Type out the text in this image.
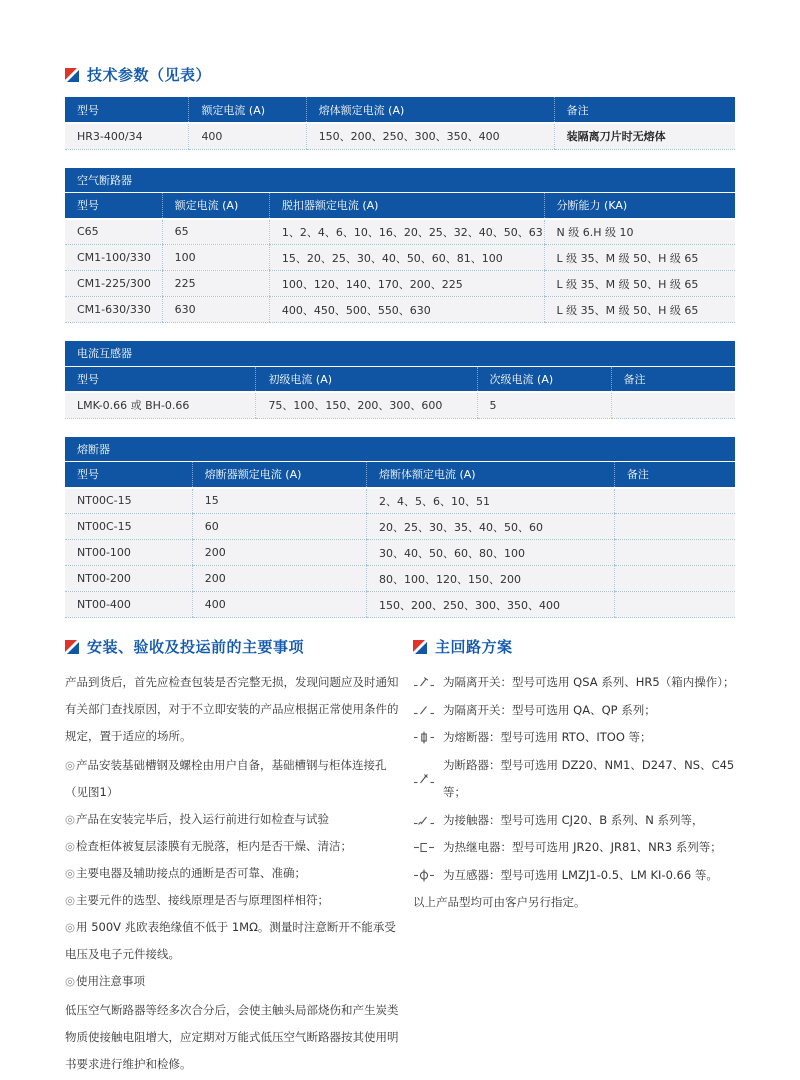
技术参数（见表）
型号	额定电流 (A)	熔体额定电流 (A)	备注
HR3-400/34	400	150、200、250、300、350、400	装隔离刀片时无熔体
空气断路器			
型号	额定电流 (A)	脱扣器额定电流 (A)	分断能力 (KA)
C65	65	1、2、4、6、10、16、20、25、32、40、50、63	N 级 6.H 级 10
CM1-100/330	100	15、20、25、30、40、50、60、81、100	L 级 35、M 级 50、H 级 65
CM1-225/300	225	100、120、140、170、200、225	L 级 35、M 级 50、H 级 65
CM1-630/330	630	400、450、500、550、630	L 级 35、M 级 50、H 级 65
电流互感器			
型号	初级电流 (A)	次级电流 (A)	备注
LMK-0.66 或 BH-0.66	75、100、150、200、300、600	5	
熔断器			
型号	熔断器额定电流 (A)	熔断体额定电流 (A)	备注
NT00C-15	15	2、4、5、6、10、51	
NT00C-15	60	20、25、30、35、40、50、60	
NT00-100	200	30、40、50、60、80、100	
NT00-200	200	80、100、120、150、200	
NT00-400	400	150、200、250、300、350、400	
安装、验收及投运前的主要事项

产品到货后，首先应检查包装是否完整无损，发现问题应及时通知有关部门查找原因，对于不立即安装的产品应根据正常使用条件的规定，置于适应的场所。

◎产品安装基础槽钢及螺栓由用户自备，基础槽钢与柜体连接孔（见图1）

◎产品在安装完毕后，投入运行前进行如检查与试验

◎检查柜体被复层漆膜有无脱落，柜内是否干燥、清洁；

◎主要电器及辅助接点的通断是否可靠、准确；

◎主要元件的选型、接线原理是否与原理图样相符；

◎用 500V 兆欧表绝缘值不低于 1MΩ。测量时注意断开不能承受电压及电子元件接线。

◎使用注意事项

低压空气断路器等经多次合分后，会使主触头局部烧伤和产生炭类物质使接触电阻增大，应定期对万能式低压空气断路器按其使用明书要求进行维护和检修。

主回路方案
为隔离开关：型号可选用 QSA 系列、HR5（箱内操作）；
为隔离开关：型号可选用 QA、QP 系列；
为熔断器：型号可选用 RTO、ITOO 等；
为断路器：型号可选用 DZ20、NM1、D247、NS、C45 等；
为接触器：型号可选用 CJ20、B 系列、N 系列等，
为热继电器：型号可选用 JR20、JR81、NR3 系列等；
为互感器：型号可选用 LMZJ1-0.5、LM KI-0.66 等。

以上产品型均可由客户另行指定。
